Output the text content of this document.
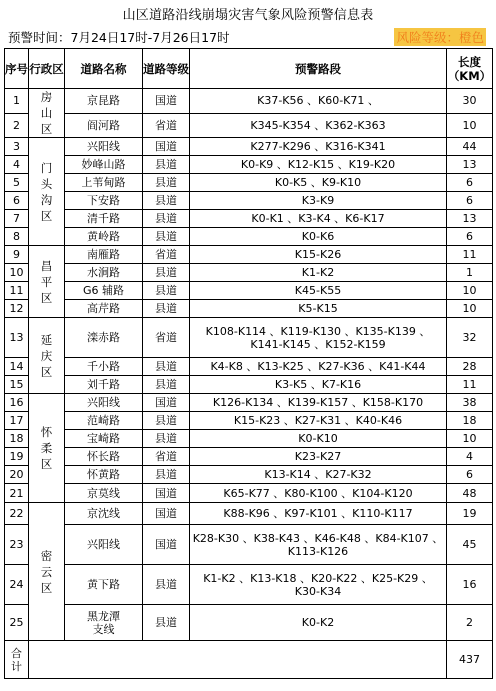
山区道路沿线崩塌灾害气象风险预警信息表
预警时间：7月24日17时-7月26日17时	风险等级：橙色
序号	行政区	道路名称	道路等级	预警路段	长度（KM）
1	房山区	京昆路	国道	K37-K56 、K60-K71 、	30
2		阎河路	省道	K345-K354 、K362-K363	10
3	门头沟区	兴阳线	国道	K277-K296 、K316-K341	44
4		妙峰山路	县道	K0-K9 、K12-K15 、K19-K20	13
5		上苇甸路	县道	K0-K5 、K9-K10	6
6		下安路	县道	K3-K9	6
7		清千路	县道	K0-K1 、K3-K4 、K6-K17	13
8		黄岭路	县道	K0-K6	6
9	昌平区	南雁路	省道	K15-K26	11
10		水涧路	县道	K1-K2	1
11		G6 辅路	县道	K45-K55	10
12		高芹路	县道	K5-K15	10
13	延庆区	滦赤路	省道	K108-K114 、K119-K130 、K135-K139 、K141-K145 、K152-K159	32
14		千小路	县道	K4-K8 、K13-K25 、K27-K36 、K41-K44	28
15		刘千路	县道	K3-K5 、K7-K16	11
16	怀柔区	兴阳线	国道	K126-K134 、K139-K157 、K158-K170	38
17		范崎路	县道	K15-K23 、K27-K31 、K40-K46	18
18		宝崎路	县道	K0-K10	10
19		怀长路	省道	K23-K27	4
20		怀黄路	县道	K13-K14 、K27-K32	6
21		京莫线	国道	K65-K77 、K80-K100 、K104-K120	48
22	密云区	京沈线	国道	K88-K96 、K97-K101 、K110-K117	19
23		兴阳线	国道	K28-K30 、K38-K43 、K46-K48 、K84-K107 、K113-K126	45
24		黄下路	县道	K1-K2 、K13-K18 、K20-K22 、K25-K29 、K30-K34	16
25		黑龙潭支线	县道	K0-K2	2
合计					437
